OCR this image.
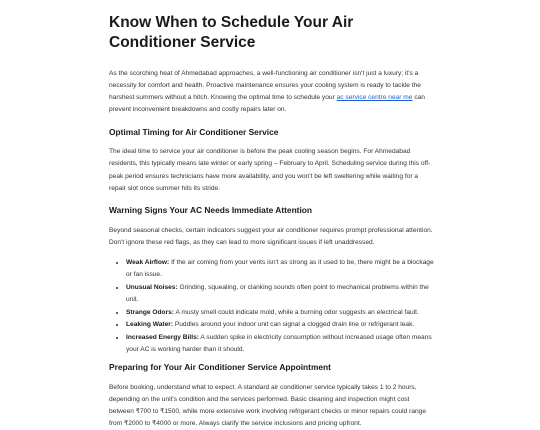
Know When to Schedule Your Air Conditioner Service

As the scorching heat of Ahmedabad approaches, a well-functioning air conditioner isn't just a luxury; it's a necessity for comfort and health. Proactive maintenance ensures your cooling system is ready to tackle the harshest summers without a hitch. Knowing the optimal time to schedule your ac service centre near me can prevent inconvenient breakdowns and costly repairs later on.

Optimal Timing for Air Conditioner Service

The ideal time to service your air conditioner is before the peak cooling season begins. For Ahmedabad residents, this typically means late winter or early spring – February to April. Scheduling service during this off-peak period ensures technicians have more availability, and you won't be left sweltering while waiting for a repair slot once summer hits its stride.

Warning Signs Your AC Needs Immediate Attention

Beyond seasonal checks, certain indicators suggest your air conditioner requires prompt professional attention. Don't ignore these red flags, as they can lead to more significant issues if left unaddressed.

• Weak Airflow: If the air coming from your vents isn't as strong as it used to be, there might be a blockage or fan issue.
• Unusual Noises: Grinding, squealing, or clanking sounds often point to mechanical problems within the unit.
• Strange Odors: A musty smell could indicate mold, while a burning odor suggests an electrical fault.
• Leaking Water: Puddles around your indoor unit can signal a clogged drain line or refrigerant leak.
• Increased Energy Bills: A sudden spike in electricity consumption without increased usage often means your AC is working harder than it should.
Preparing for Your Air Conditioner Service Appointment

Before booking, understand what to expect. A standard air conditioner service typically takes 1 to 2 hours, depending on the unit's condition and the services performed. Basic cleaning and inspection might cost between ₹700 to ₹1500, while more extensive work involving refrigerant checks or minor repairs could range from ₹2000 to ₹4000 or more. Always clarify the service inclusions and pricing upfront.
